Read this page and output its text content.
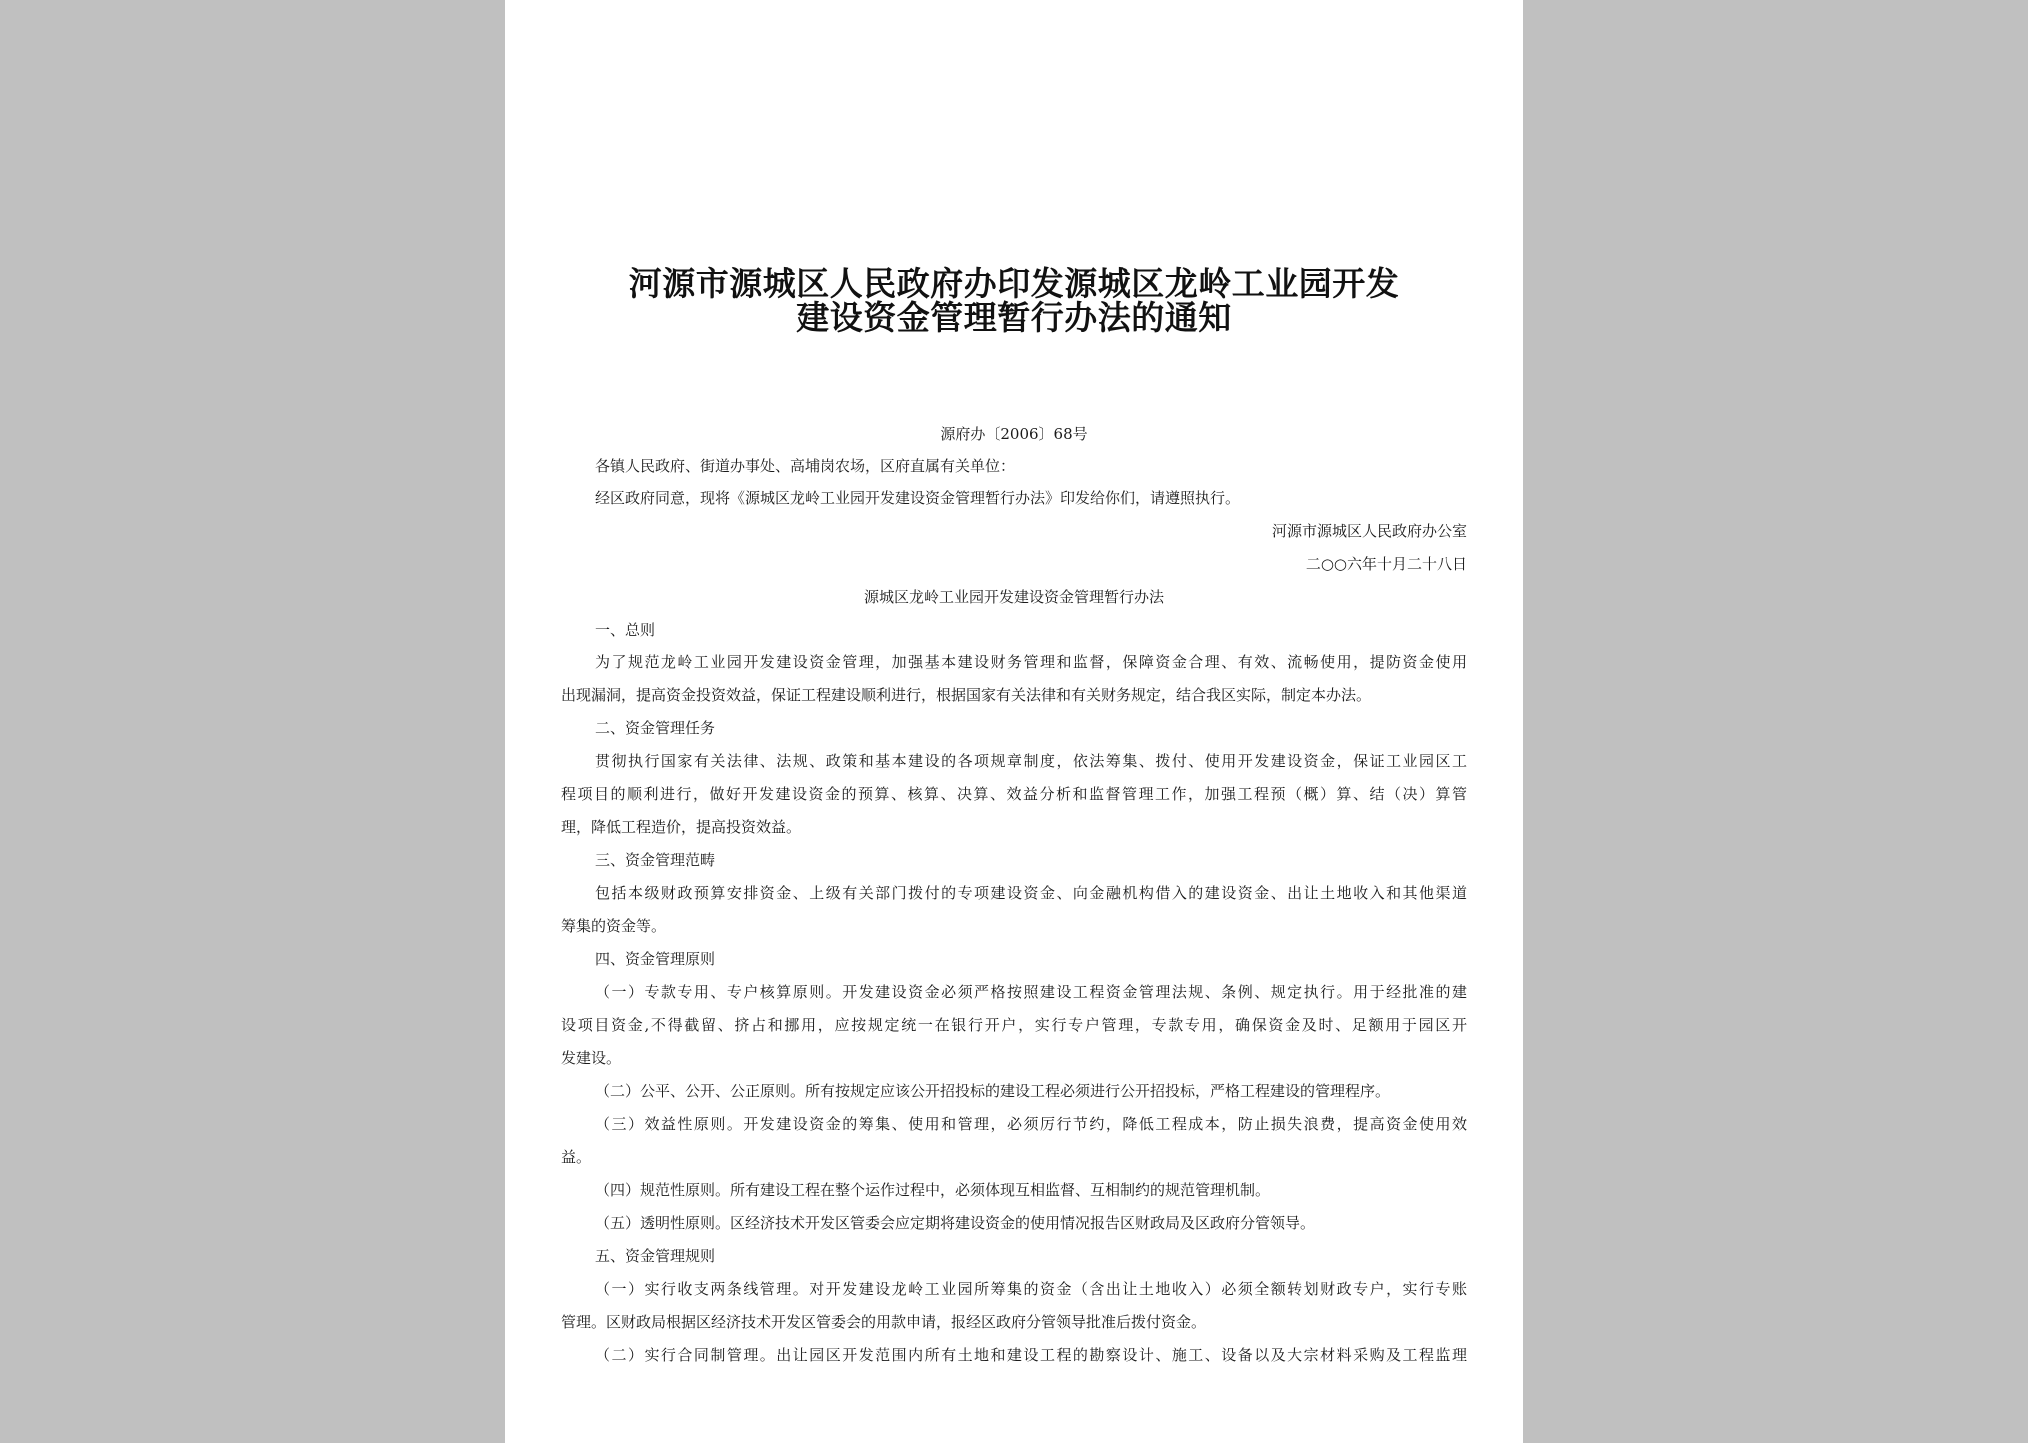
河源市源城区人民政府办印发源城区龙岭工业园开发
建设资金管理暂行办法的通知
源府办〔2006〕68号
各镇人民政府、街道办事处、高埔岗农场，区府直属有关单位：
经区政府同意，现将《源城区龙岭工业园开发建设资金管理暂行办法》印发给你们，请遵照执行。
河源市源城区人民政府办公室
二○○六年十月二十八日
源城区龙岭工业园开发建设资金管理暂行办法
一、总则
为了规范龙岭工业园开发建设资金管理，加强基本建设财务管理和监督，保障资金合理、有效、流畅使用，提防资金使用
出现漏洞，提高资金投资效益，保证工程建设顺利进行，根据国家有关法律和有关财务规定，结合我区实际，制定本办法。
二、资金管理任务
贯彻执行国家有关法律、法规、政策和基本建设的各项规章制度，依法筹集、拨付、使用开发建设资金，保证工业园区工
程项目的顺利进行，做好开发建设资金的预算、核算、决算、效益分析和监督管理工作，加强工程预（概）算、结（决）算管
理，降低工程造价，提高投资效益。
三、资金管理范畴
包括本级财政预算安排资金、上级有关部门拨付的专项建设资金、向金融机构借入的建设资金、出让土地收入和其他渠道
筹集的资金等。
四、资金管理原则
（一）专款专用、专户核算原则。开发建设资金必须严格按照建设工程资金管理法规、条例、规定执行。用于经批准的建
设项目资金,不得截留、挤占和挪用，应按规定统一在银行开户，实行专户管理，专款专用，确保资金及时、足额用于园区开
发建设。
（二）公平、公开、公正原则。所有按规定应该公开招投标的建设工程必须进行公开招投标，严格工程建设的管理程序。
（三）效益性原则。开发建设资金的筹集、使用和管理，必须厉行节约，降低工程成本，防止损失浪费，提高资金使用效
益。
（四）规范性原则。所有建设工程在整个运作过程中，必须体现互相监督、互相制约的规范管理机制。
（五）透明性原则。区经济技术开发区管委会应定期将建设资金的使用情况报告区财政局及区政府分管领导。
五、资金管理规则
（一）实行收支两条线管理。对开发建设龙岭工业园所筹集的资金（含出让土地收入）必须全额转划财政专户，实行专账
管理。区财政局根据区经济技术开发区管委会的用款申请，报经区政府分管领导批准后拨付资金。
（二）实行合同制管理。出让园区开发范围内所有土地和建设工程的勘察设计、施工、设备以及大宗材料采购及工程监理
